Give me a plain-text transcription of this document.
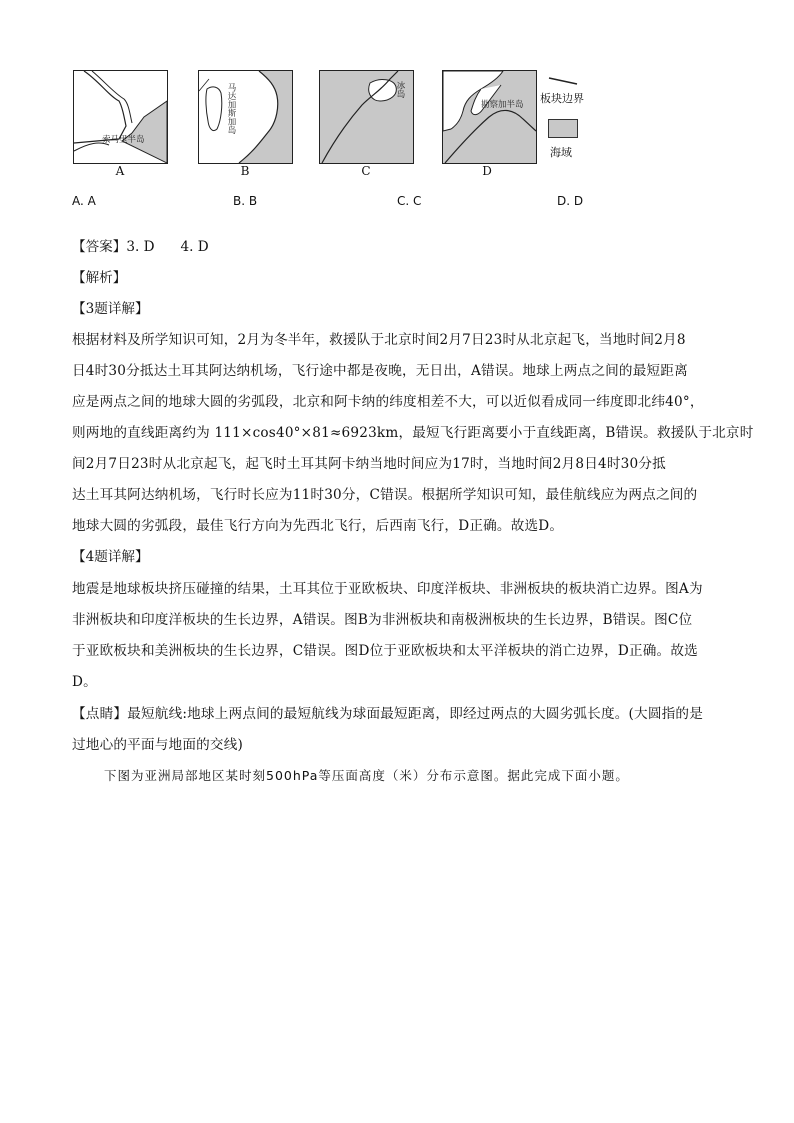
索马里半岛
A
马达加斯加岛
B
冰岛
C
勘察加半岛
D
板块边界
海域
A. A	B. B	C. C	D. D
【答案】3. D      4. D
【解析】
【3题详解】
根据材料及所学知识可知，2月为冬半年，救援队于北京时间2月7日23时从北京起飞，当地时间2月8
日4时30分抵达土耳其阿达纳机场，飞行途中都是夜晚，无日出，A错误。地球上两点之间的最短距离
应是两点之间的地球大圆的劣弧段，北京和阿卡纳的纬度相差不大，可以近似看成同一纬度即北纬40°，
则两地的直线距离约为 111×cos40°×81≈6923km，最短飞行距离要小于直线距离，B错误。救援队于北京时
间2月7日23时从北京起飞，起飞时土耳其阿卡纳当地时间应为17时，当地时间2月8日4时30分抵
达土耳其阿达纳机场，飞行时长应为11时30分，C错误。根据所学知识可知，最佳航线应为两点之间的
地球大圆的劣弧段，最佳飞行方向为先西北飞行，后西南飞行，D正确。故选D。
【4题详解】
地震是地球板块挤压碰撞的结果，土耳其位于亚欧板块、印度洋板块、非洲板块的板块消亡边界。图A为
非洲板块和印度洋板块的生长边界，A错误。图B为非洲板块和南极洲板块的生长边界，B错误。图C位
于亚欧板块和美洲板块的生长边界，C错误。图D位于亚欧板块和太平洋板块的消亡边界，D正确。故选
D。
【点睛】最短航线:地球上两点间的最短航线为球面最短距离，即经过两点的大圆劣弧长度。(大圆指的是
过地心的平面与地面的交线)
下图为亚洲局部地区某时刻500hPa等压面高度（米）分布示意图。据此完成下面小题。
